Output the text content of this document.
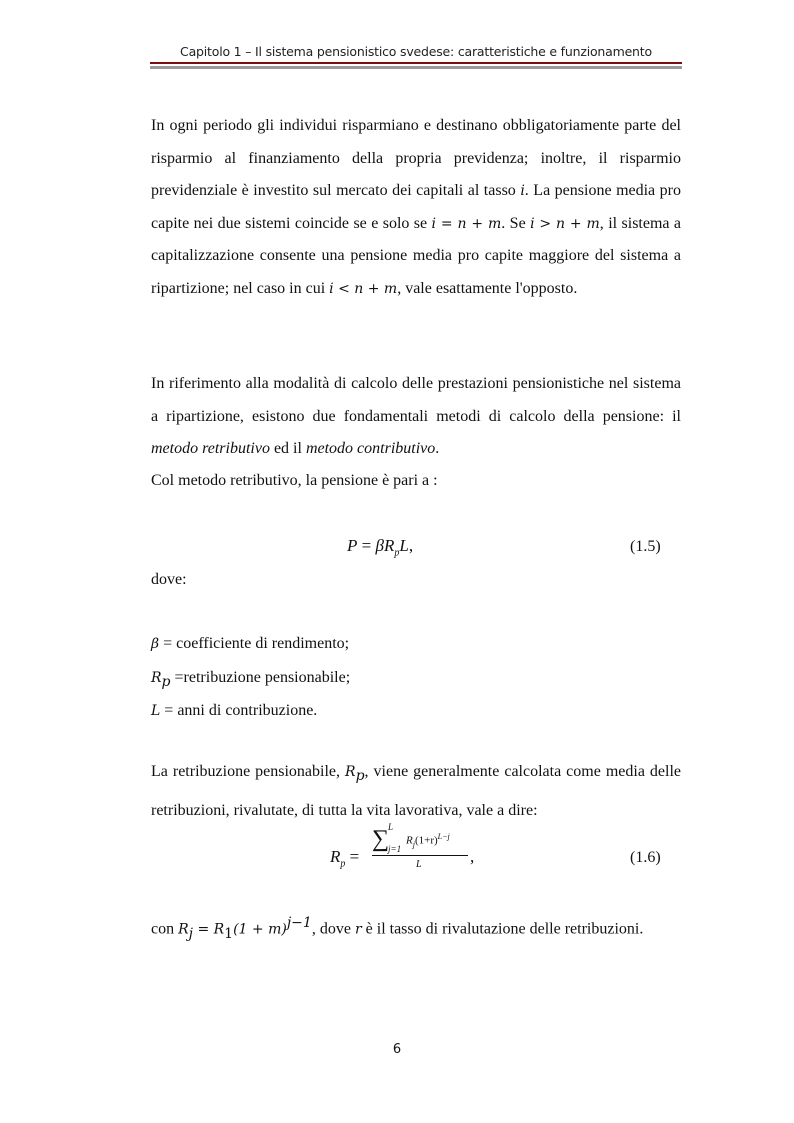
Capitolo 1 – Il sistema pensionistico svedese: caratteristiche e funzionamento
In ogni periodo gli individui risparmiano e destinano obbligatoriamente parte del risparmio al finanziamento della propria previdenza; inoltre, il risparmio previdenziale è investito sul mercato dei capitali al tasso i. La pensione media pro capite nei due sistemi coincide se e solo se i = n + m. Se i > n + m, il sistema a capitalizzazione consente una pensione media pro capite maggiore del sistema a ripartizione; nel caso in cui i < n + m, vale esattamente l'opposto.
In riferimento alla modalità di calcolo delle prestazioni pensionistiche nel sistema a ripartizione, esistono due fondamentali metodi di calcolo della pensione: il metodo retributivo ed il metodo contributivo.
Col metodo retributivo, la pensione è pari a :
$P = \beta R_pL$,	(1.5)
dove:
β = coefficiente di rendimento;
$R_p$ =retribuzione pensionabile;
L = anni di contribuzione.
La retribuzione pensionabile, $R_p$, viene generalmente calcolata come media delle retribuzioni, rivalutate, di tutta la vita lavorativa, vale a dire:
$R_p$ =
∑
L
j=1
$R_j(1+r)^{L-j}$
L	,	(1.6)
con $R_j = R_1(1 + m)^{j-1}$, dove r è il tasso di rivalutazione delle retribuzioni.
6
